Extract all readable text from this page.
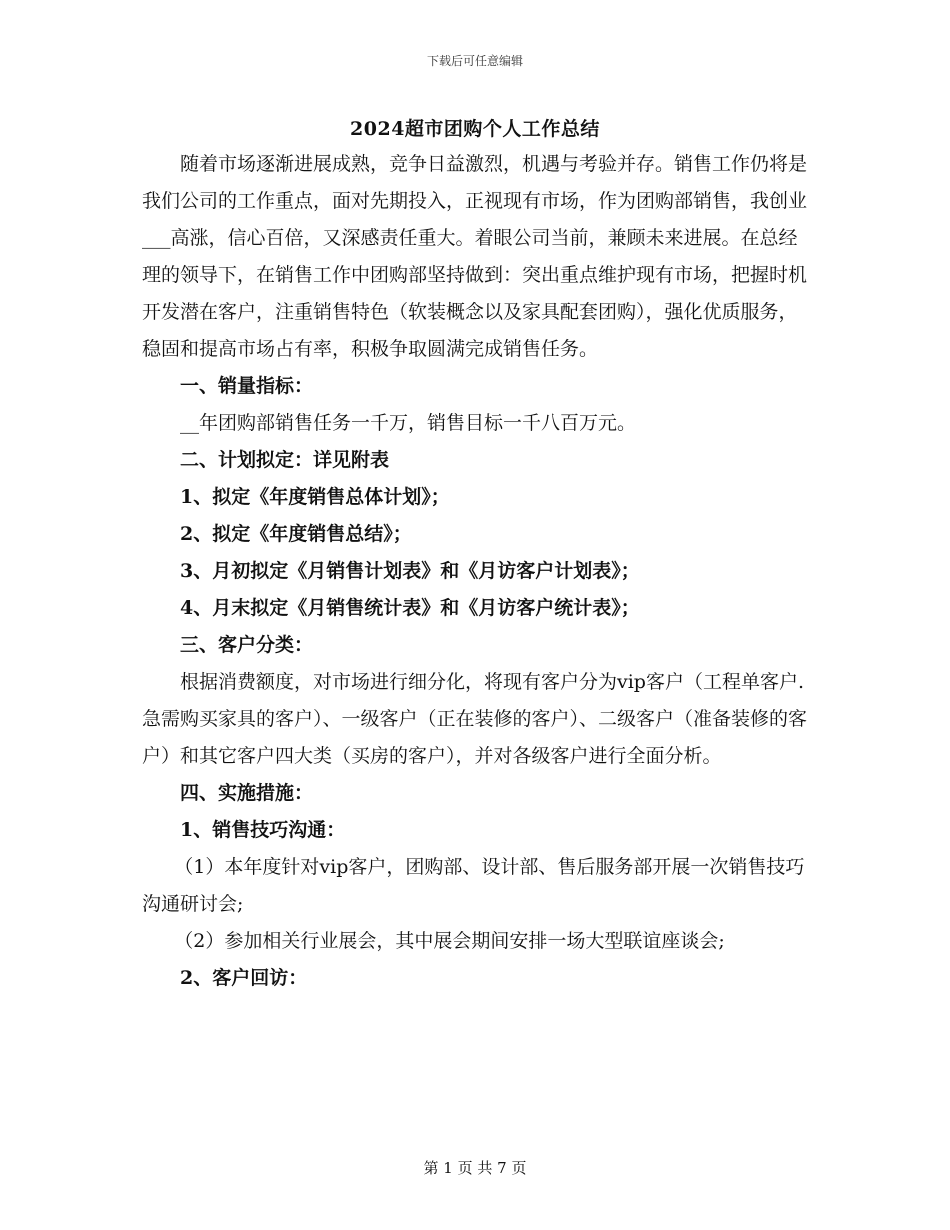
下载后可任意编辑
2024超市团购个人工作总结

随着市场逐渐进展成熟，竞争日益激烈，机遇与考验并存。销售工作仍将是我们公司的工作重点，面对先期投入，正视现有市场，作为团购部销售，我创业___高涨，信心百倍，又深感责任重大。着眼公司当前，兼顾未来进展。在总经理的领导下，在销售工作中团购部坚持做到：突出重点维护现有市场，把握时机开发潜在客户，注重销售特色（软装概念以及家具配套团购），强化优质服务，稳固和提高市场占有率，积极争取圆满完成销售任务。

一、销量指标：

__年团购部销售任务一千万，销售目标一千八百万元。

二、计划拟定：详见附表

1、拟定《年度销售总体计划》；

2、拟定《年度销售总结》；

3、月初拟定《月销售计划表》和《月访客户计划表》；

4、月末拟定《月销售统计表》和《月访客户统计表》；

三、客户分类：

根据消费额度，对市场进行细分化，将现有客户分为vip客户（工程单客户.急需购买家具的客户）、一级客户（正在装修的客户）、二级客户（准备装修的客户）和其它客户四大类（买房的客户），并对各级客户进行全面分析。

四、实施措施：

1、销售技巧沟通：

（1）本年度针对vip客户，团购部、设计部、售后服务部开展一次销售技巧沟通研讨会;

（2）参加相关行业展会，其中展会期间安排一场大型联谊座谈会;

2、客户回访：

第 1 页 共 7 页
